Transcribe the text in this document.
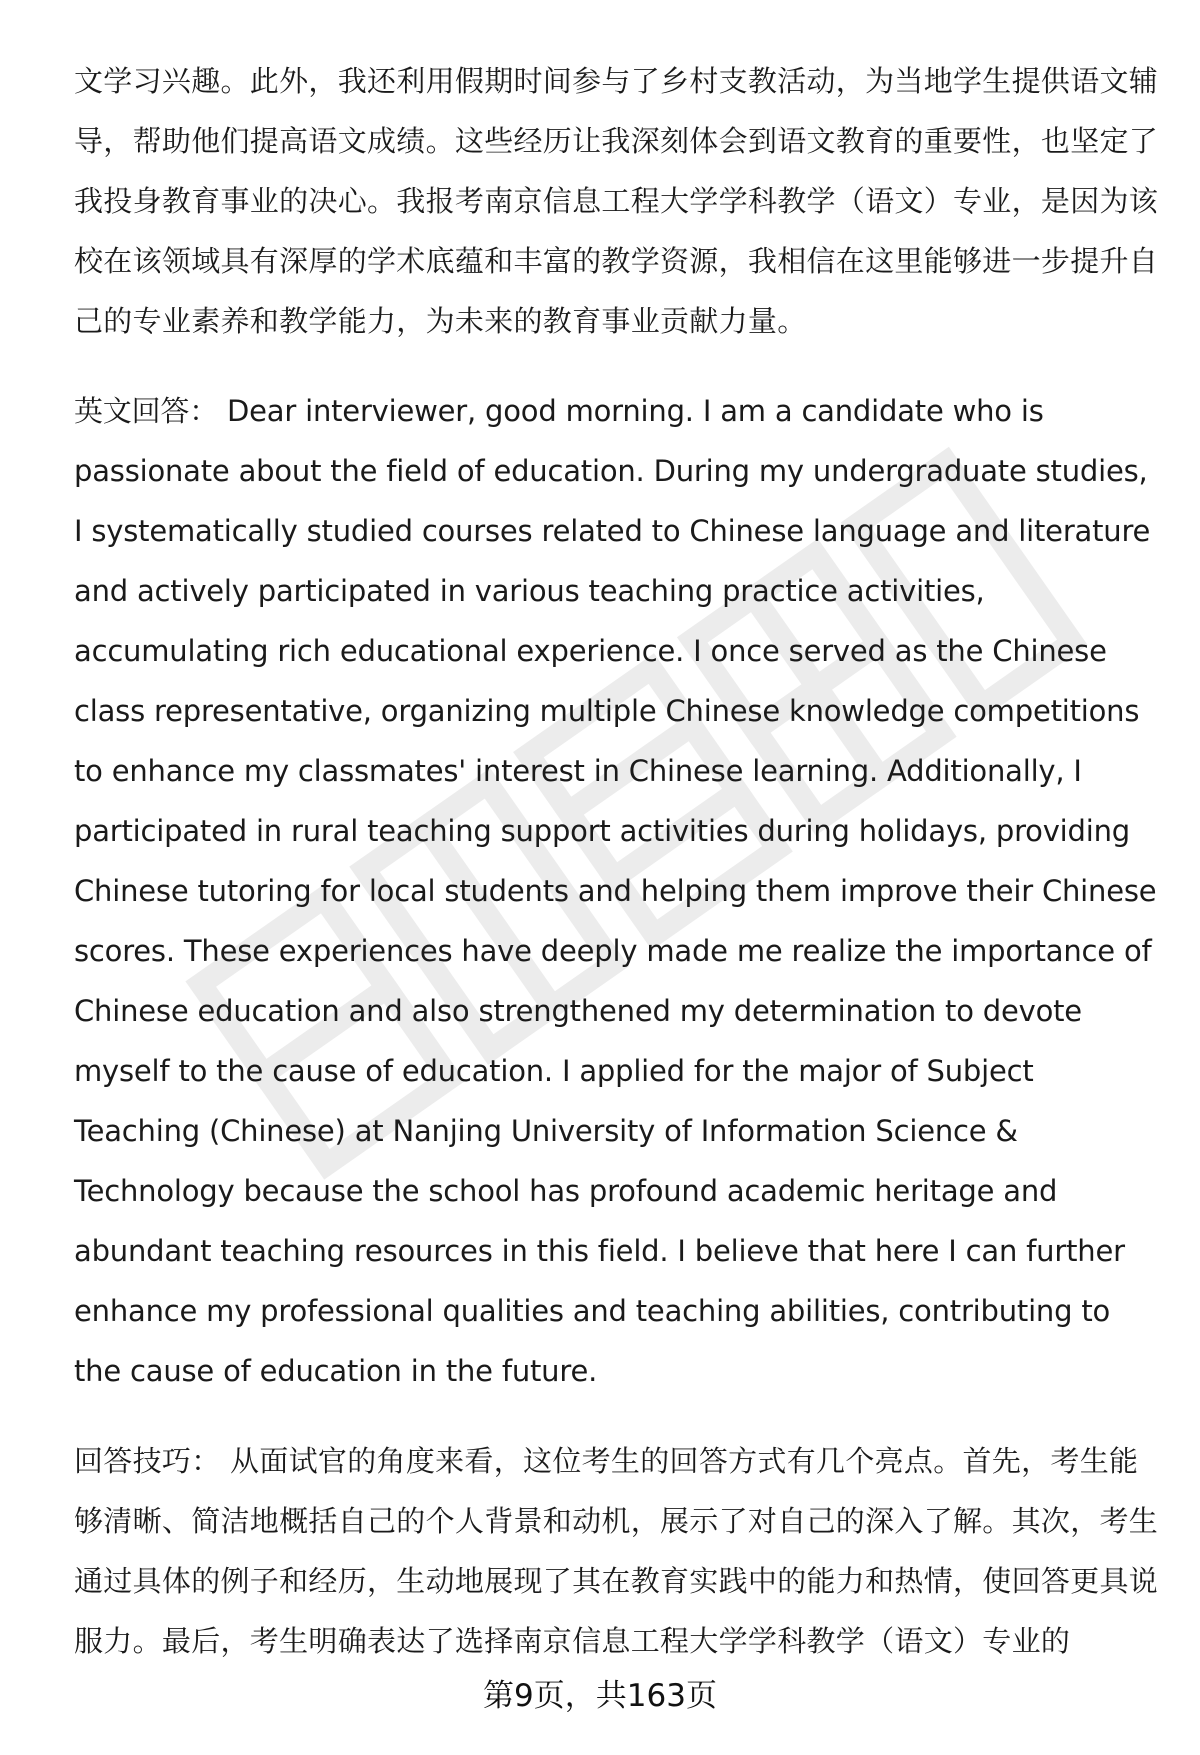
文学习兴趣。此外，我还利用假期时间参与了乡村支教活动，为当地学生提供语文辅导，帮助他们提高语文成绩。这些经历让我深刻体会到语文教育的重要性，也坚定了我投身教育事业的决心。我报考南京信息工程大学学科教学（语文）专业，是因为该校在该领域具有深厚的学术底蕴和丰富的教学资源，我相信在这里能够进一步提升自己的专业素养和教学能力，为未来的教育事业贡献力量。

英文回答： Dear interviewer, good morning. I am a candidate who is passionate about the field of education. During my undergraduate studies, I systematically studied courses related to Chinese language and literature and actively participated in various teaching practice activities, accumulating rich educational experience. I once served as the Chinese class representative, organizing multiple Chinese knowledge competitions to enhance my classmates' interest in Chinese learning. Additionally, I participated in rural teaching support activities during holidays, providing Chinese tutoring for local students and helping them improve their Chinese scores. These experiences have deeply made me realize the importance of Chinese education and also strengthened my determination to devote myself to the cause of education. I applied for the major of Subject Teaching (Chinese) at Nanjing University of Information Science & Technology because the school has profound academic heritage and abundant teaching resources in this field. I believe that here I can further enhance my professional qualities and teaching abilities, contributing to the cause of education in the future.

回答技巧： 从面试官的角度来看，这位考生的回答方式有几个亮点。首先，考生能够清晰、简洁地概括自己的个人背景和动机，展示了对自己的深入了解。其次，考生通过具体的例子和经历，生动地展现了其在教育实践中的能力和热情，使回答更具说服力。最后，考生明确表达了选择南京信息工程大学学科教学（语文）专业的

第9页，共163页
